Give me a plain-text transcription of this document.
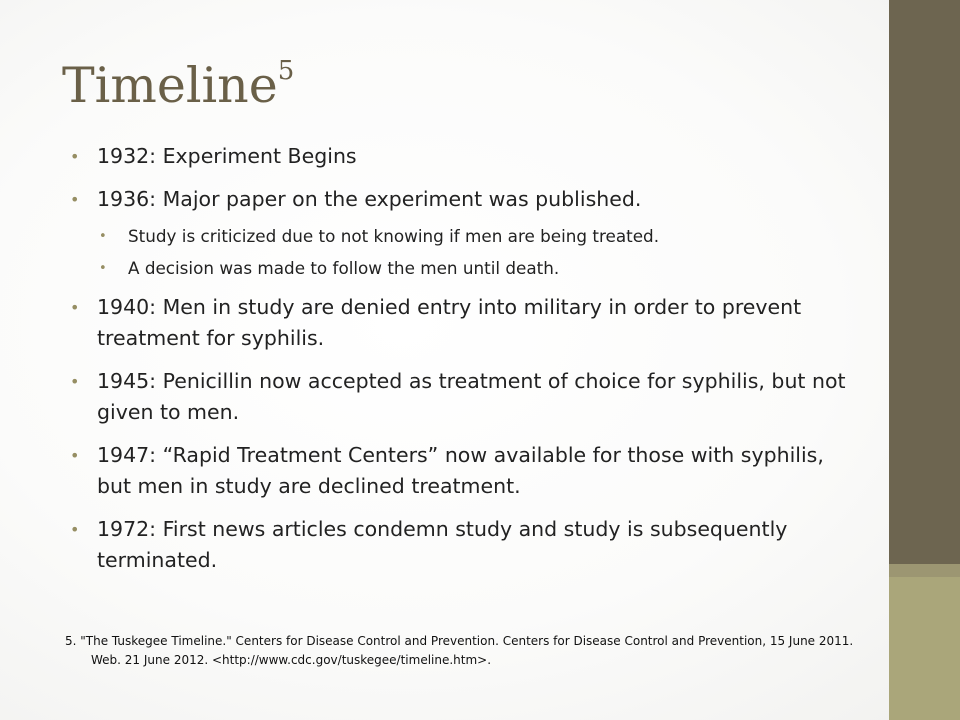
Timeline$^5$
• 1932: Experiment Begins
• 1936: Major paper on the experiment was published.
• Study is criticized due to not knowing if men are being treated.
• A decision was made to follow the men until death.
• 1940: Men in study are denied entry into military in order to prevent treatment for syphilis.
• 1945: Penicillin now accepted as treatment of choice for syphilis, but not given to men.
• 1947: “Rapid Treatment Centers” now available for those with syphilis, but men in study are declined treatment.
• 1972: First news articles condemn study and study is subsequently terminated.
5. "The Tuskegee Timeline." Centers for Disease Control and Prevention. Centers for Disease Control and Prevention, 15 June 2011. Web. 21 June 2012. <http://www.cdc.gov/tuskegee/timeline.htm>.
